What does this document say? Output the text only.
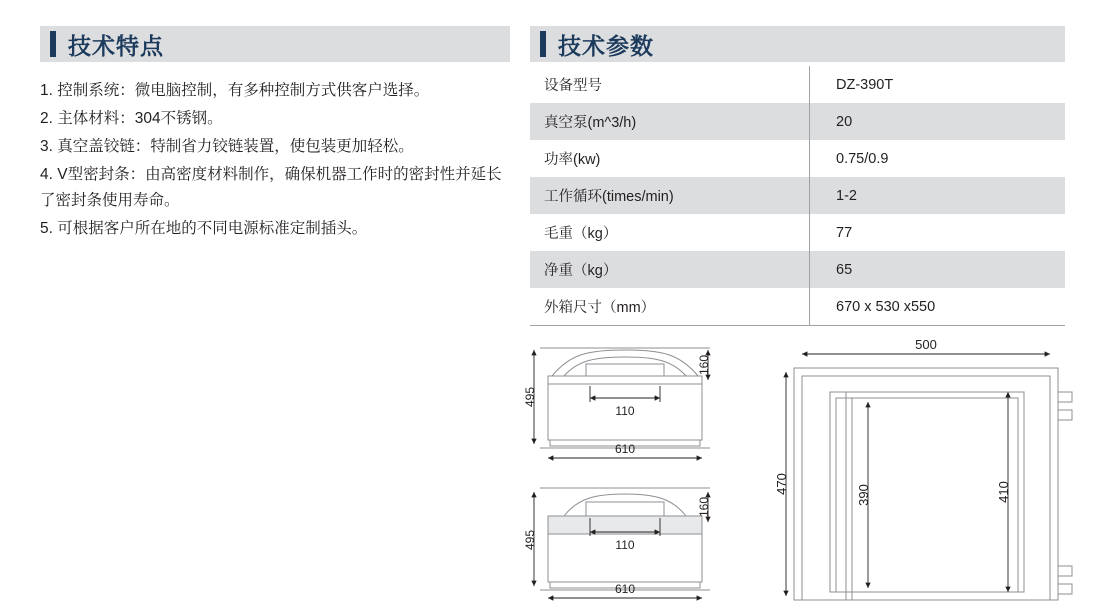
技术特点

1. 控制系统：微电脑控制，有多种控制方式供客户选择。

2. 主体材料：304不锈钢。

3. 真空盖铰链：特制省力铰链装置，使包装更加轻松。

4. V型密封条：由高密度材料制作，确保机器工作时的密封性并延长了密封条使用寿命。

5. 可根据客户所在地的不同电源标准定制插头。

技术参数
设备型号	DZ-390T
真空泵(m^3/h)	20
功率(kw)	0.75/0.9
工作循环(times/min)	1-2
毛重（kg）	77
净重（kg）	65
外箱尺寸（mm）	670 x 530 x550
495
160
110
610
495
160
110
610
500
470
390	410
